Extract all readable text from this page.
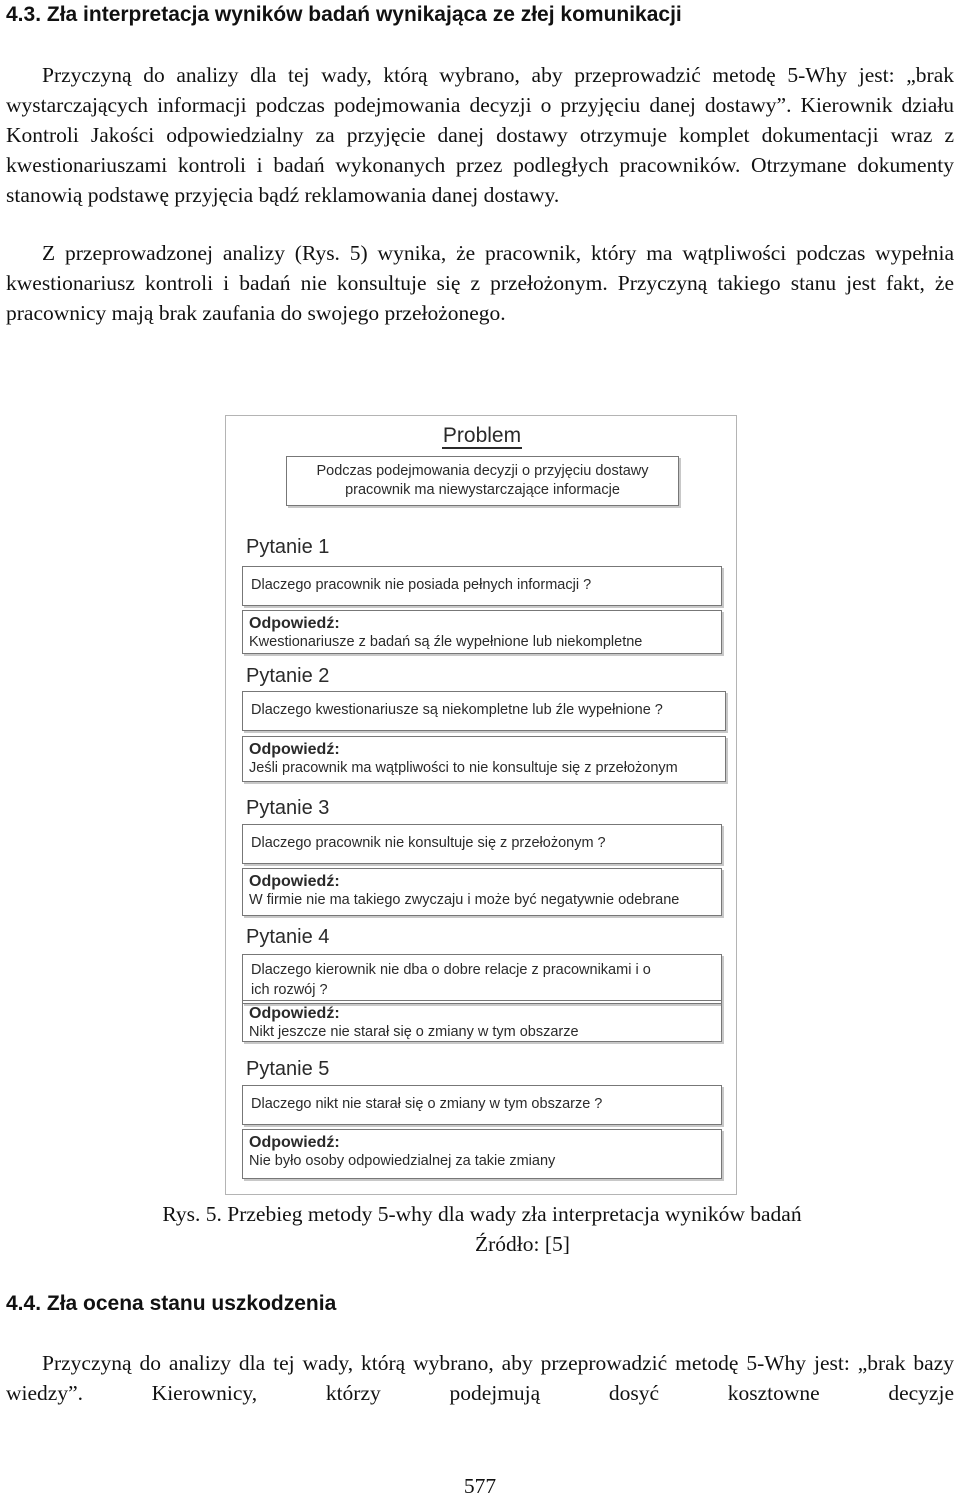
4.3. Zła interpretacja wyników badań wynikająca ze złej komunikacji

Przyczyną do analizy dla tej wady, którą wybrano, aby przeprowadzić metodę 5-Why jest: „brak wystarczających informacji podczas podejmowania decyzji o przyjęciu danej dostawy”. Kierownik działu Kontroli Jakości odpowiedzialny za przyjęcie danej dostawy otrzymuje komplet dokumentacji wraz z kwestionariuszami kontroli i badań wykonanych przez podległych pracowników. Otrzymane dokumenty stanowią podstawę przyjęcia bądź reklamowania danej dostawy.

Z przeprowadzonej analizy (Rys. 5) wynika, że pracownik, który ma wątpliwości podczas wypełnia kwestionariusz kontroli i badań nie konsultuje się z przełożonym. Przyczyną takiego stanu jest fakt, że pracownicy mają brak zaufania do swojego przełożonego.

Problem
Podczas podejmowania decyzji o przyjęciu dostawy
pracownik ma niewystarczające informacje
Pytanie 1
Dlaczego pracownik nie posiada pełnych informacji ?
Odpowiedź:
Kwestionariusze z badań są źle wypełnione lub niekompletne
Pytanie 2
Dlaczego kwestionariusze są niekompletne lub źle wypełnione ?
Odpowiedź:
Jeśli pracownik ma wątpliwości to nie konsultuje się z przełożonym
Pytanie 3
Dlaczego pracownik nie konsultuje się z przełożonym ?
Odpowiedź:
W firmie nie ma takiego zwyczaju i może być negatywnie odebrane
Pytanie 4
Dlaczego kierownik nie dba o dobre relacje z pracownikami i o
ich rozwój ?
Odpowiedź:
Nikt jeszcze nie starał się o zmiany w tym obszarze
Pytanie 5
Dlaczego nikt nie starał się o zmiany w tym obszarze ?
Odpowiedź:
Nie było osoby odpowiedzialnej za takie zmiany

Rys. 5. Przebieg metody 5-why dla wady zła interpretacja wyników badań

Źródło: [5]

4.4. Zła ocena stanu uszkodzenia

Przyczyną do analizy dla tej wady, którą wybrano, aby przeprowadzić metodę 5-Why jest: „brak bazy wiedzy”. Kierownicy, którzy podejmują dosyć kosztowne decyzje

577
